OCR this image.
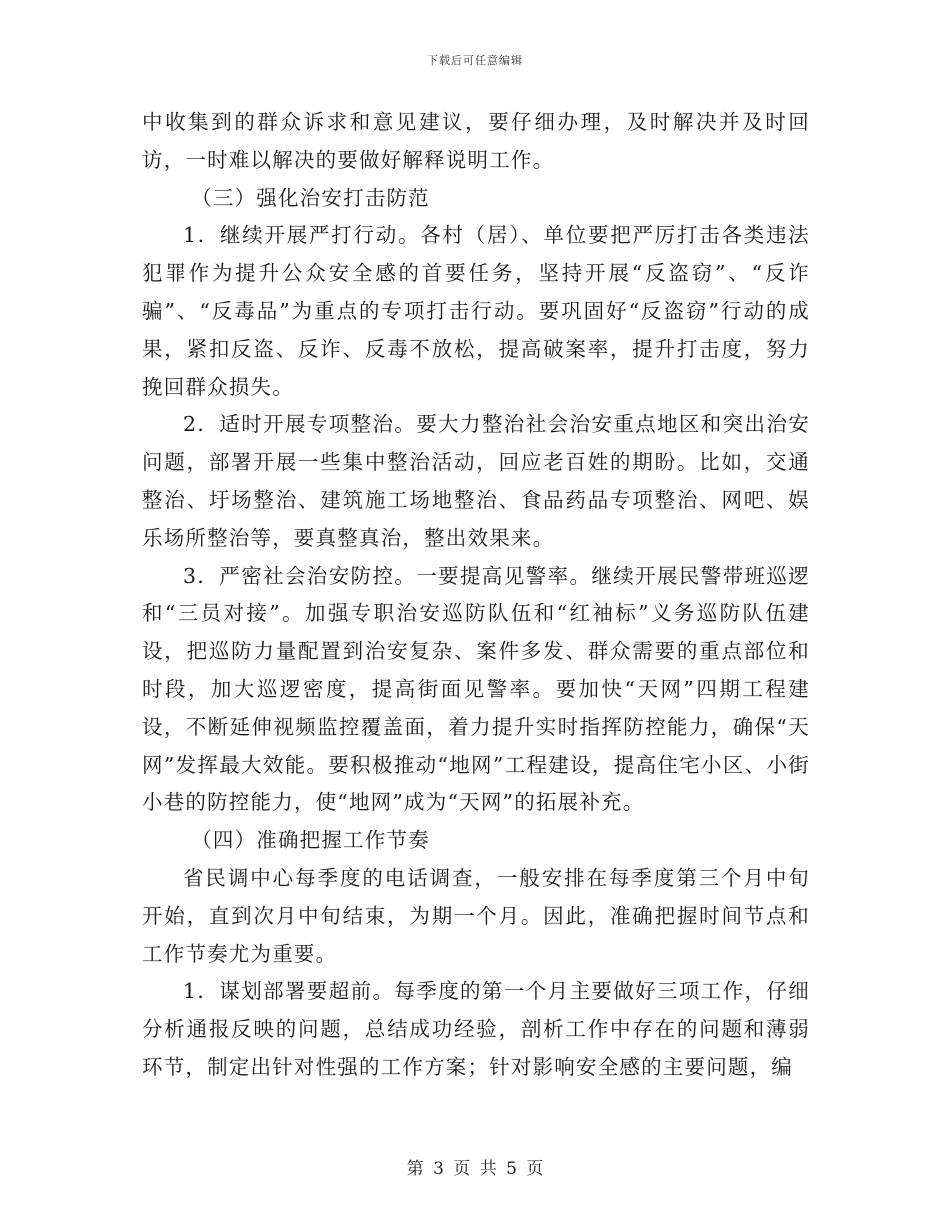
下载后可任意编辑

中收集到的群众诉求和意见建议，要仔细办理，及时解决并及时回访，一时难以解决的要做好解释说明工作。

（三）强化治安打击防范

1．继续开展严打行动。各村（居）、单位要把严厉打击各类违法犯罪作为提升公众安全感的首要任务，坚持开展“反盗窃”、“反诈骗”、“反毒品”为重点的专项打击行动。要巩固好“反盗窃”行动的成果，紧扣反盗、反诈、反毒不放松，提高破案率，提升打击度，努力挽回群众损失。

2．适时开展专项整治。要大力整治社会治安重点地区和突出治安问题，部署开展一些集中整治活动，回应老百姓的期盼。比如，交通整治、圩场整治、建筑施工场地整治、食品药品专项整治、网吧、娱乐场所整治等，要真整真治，整出效果来。

3．严密社会治安防控。一要提高见警率。继续开展民警带班巡逻和“三员对接”。加强专职治安巡防队伍和“红袖标”义务巡防队伍建设，把巡防力量配置到治安复杂、案件多发、群众需要的重点部位和时段，加大巡逻密度，提高街面见警率。要加快“天网”四期工程建设，不断延伸视频监控覆盖面，着力提升实时指挥防控能力，确保“天网”发挥最大效能。要积极推动“地网”工程建设，提高住宅小区、小街小巷的防控能力，使“地网”成为“天网”的拓展补充。

（四）准确把握工作节奏

省民调中心每季度的电话调查，一般安排在每季度第三个月中旬开始，直到次月中旬结束，为期一个月。因此，准确把握时间节点和工作节奏尤为重要。

1．谋划部署要超前。每季度的第一个月主要做好三项工作，仔细分析通报反映的问题，总结成功经验，剖析工作中存在的问题和薄弱环节，制定出针对性强的工作方案；针对影响安全感的主要问题，编

第 3 页 共 5 页
